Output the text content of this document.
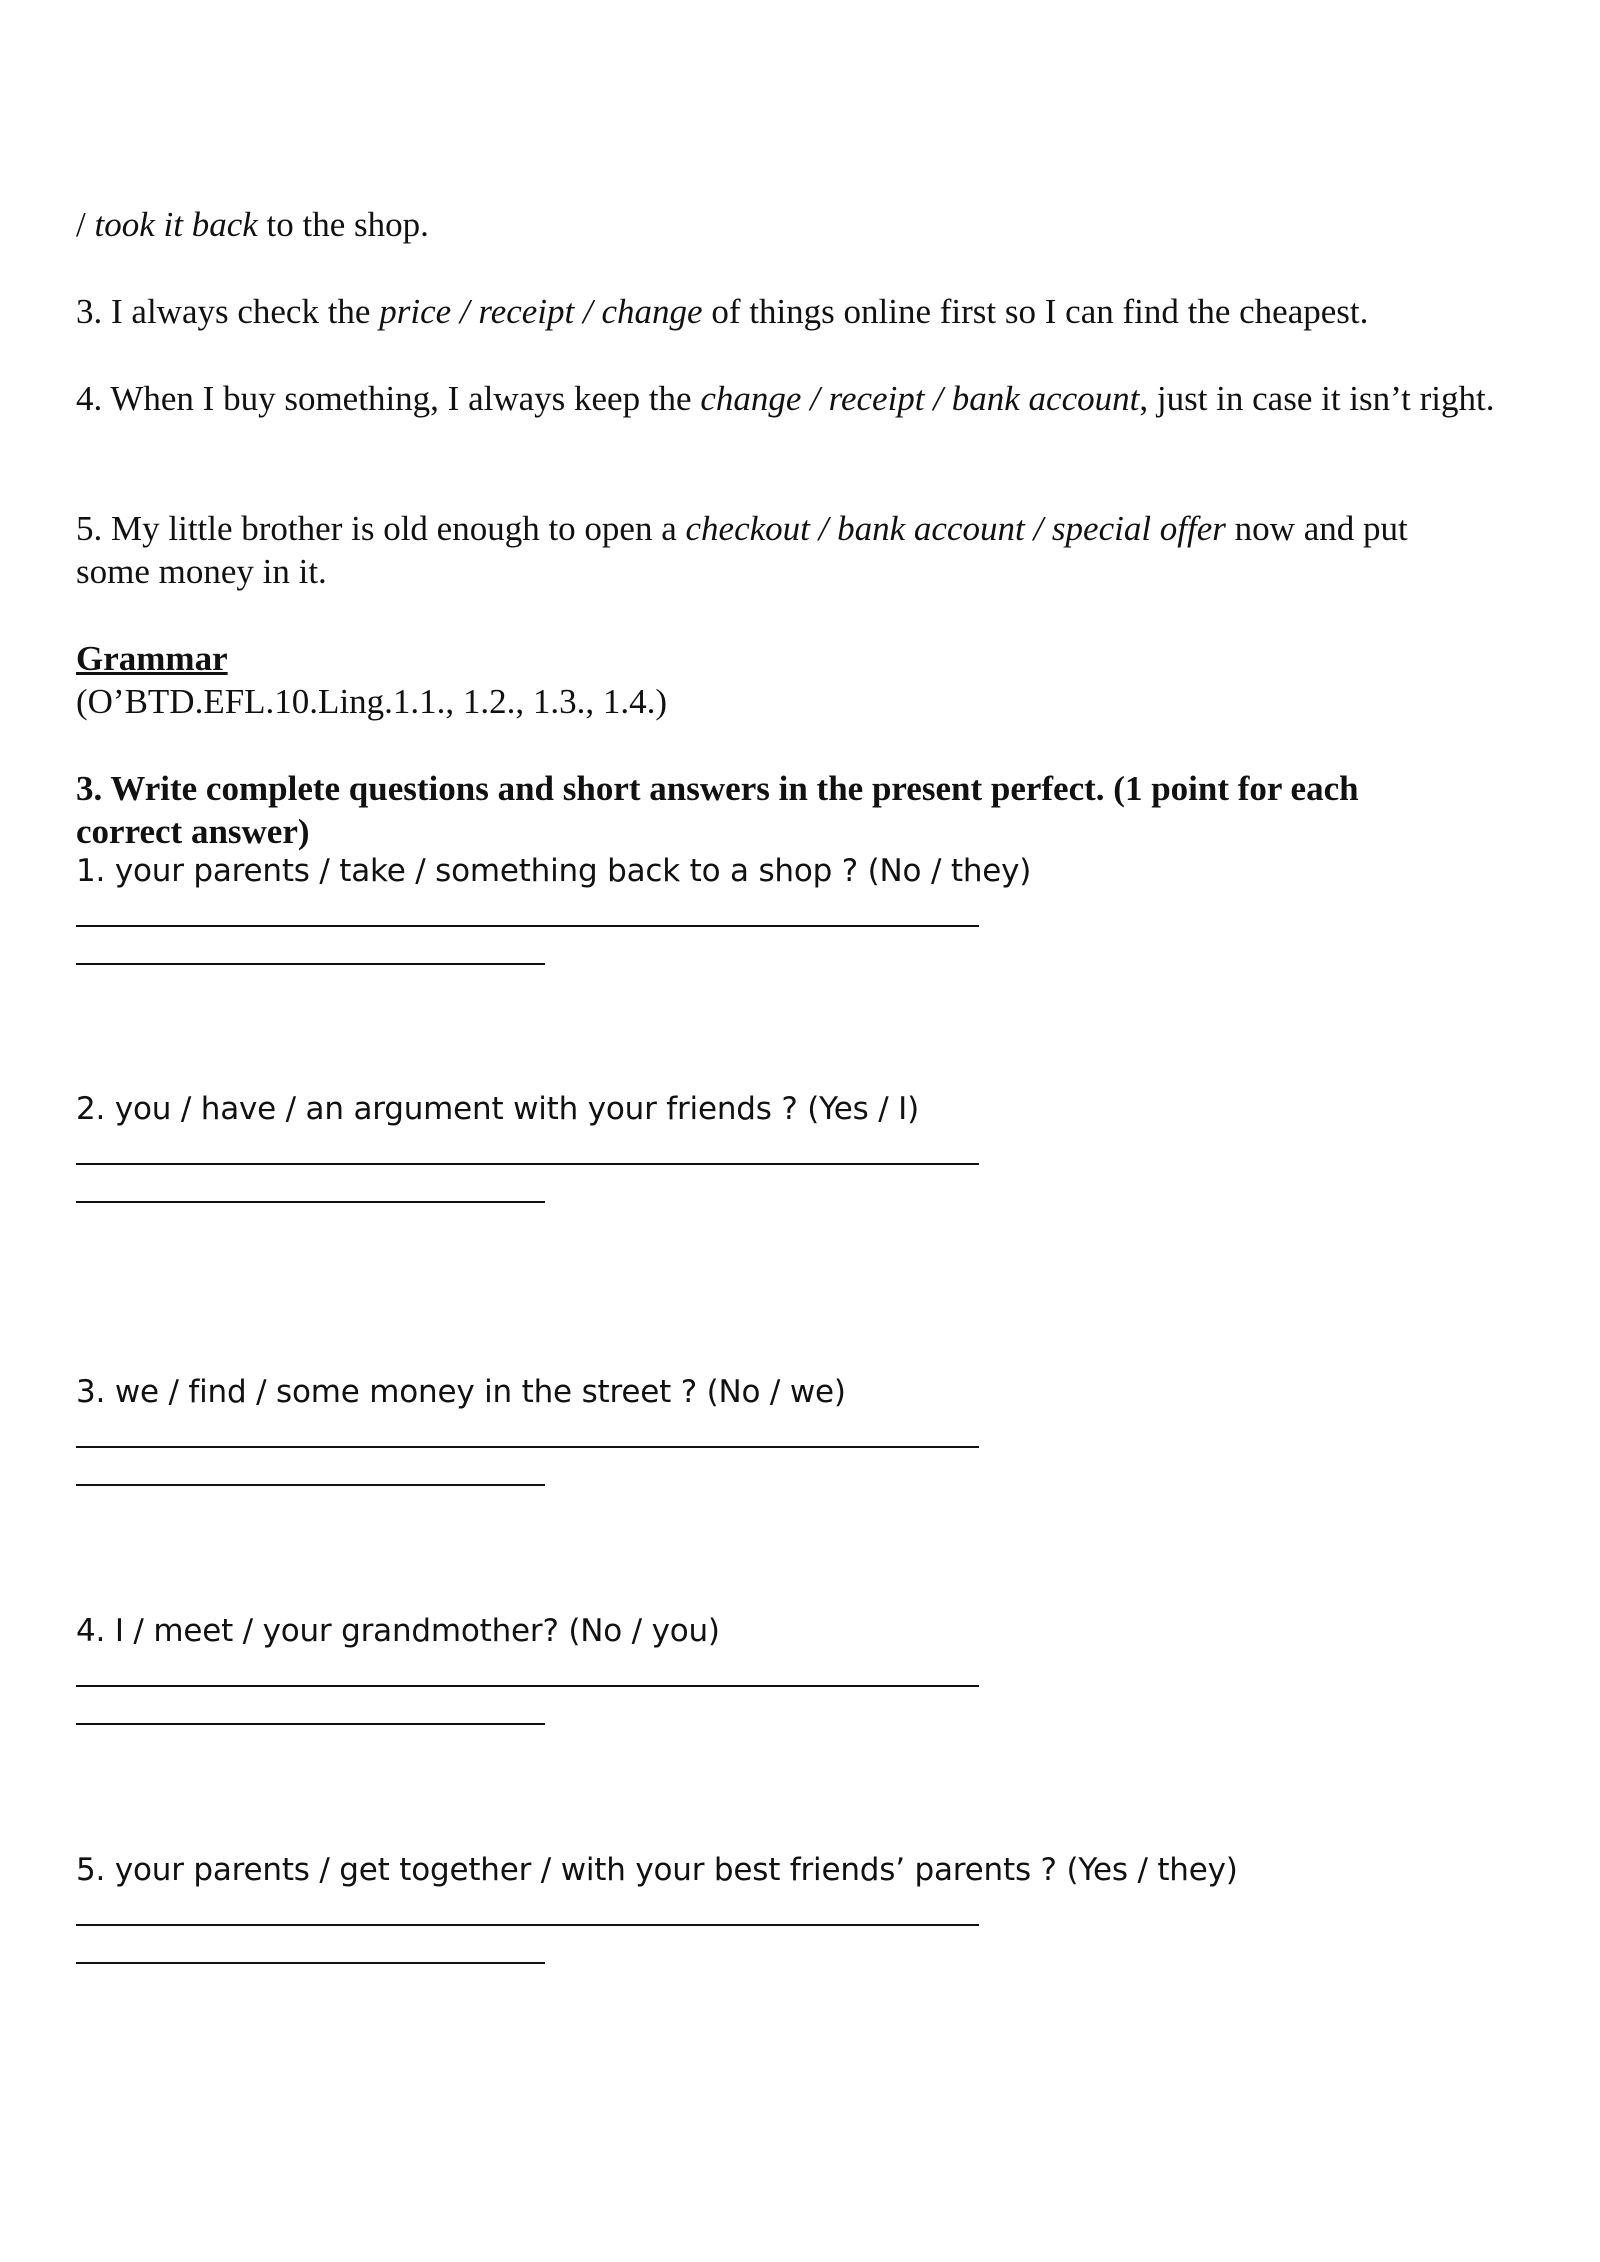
/ took it back to the shop.
3. I always check the price / receipt / change of things online first so I can find the cheapest.
4. When I buy something, I always keep the change / receipt / bank account, just in case it isn’t right.
5. My little brother is old enough to open a checkout / bank account / special offer now and put some money in it.
Grammar
(O’BTD.EFL.10.Ling.1.1., 1.2., 1.3., 1.4.)
3. Write complete questions and short answers in the present perfect. (1 point for each correct answer)
1. your parents / take / something back to a shop ? (No / they)
2. you / have / an argument with your friends ? (Yes / I)
3. we / find / some money in the street ? (No / we)
4. I / meet / your grandmother? (No / you)
5. your parents / get together / with your best friends’ parents ? (Yes / they)
